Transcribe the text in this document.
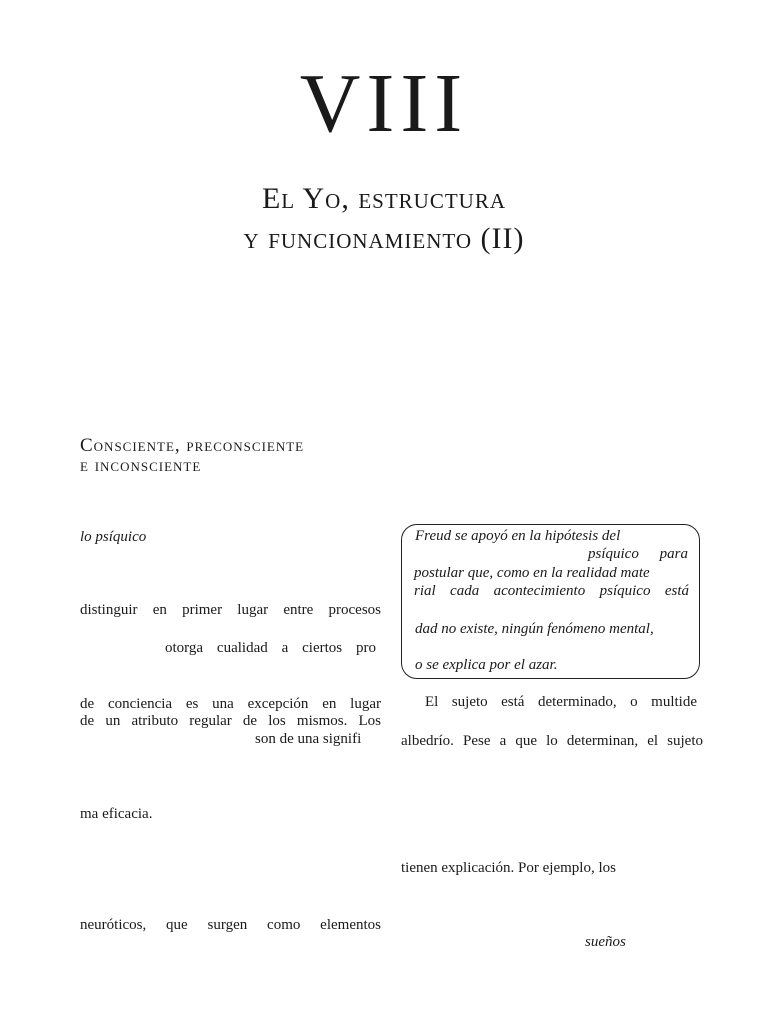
VIII
El Yo, estructura
y funcionamiento (II)
Consciente, preconsciente
e inconsciente
lo psíquico
distinguir en primer lugar entre procesos
otorga cualidad a ciertos pro
de conciencia es una excepción en lugar
de un atributo regular de los mismos. Los
son de una signifi
ma eficacia.
neuróticos, que surgen como elementos
Freud se apoyó en la hipótesis del
psíquico para
postular que, como en la realidad mate
rial cada acontecimiento psíquico está
dad no existe, ningún fenómeno mental,
o se explica por el azar.
El sujeto está determinado, o multide
albedrío. Pese a que lo determinan, el sujeto
tienen explicación. Por ejemplo, los
sueños
